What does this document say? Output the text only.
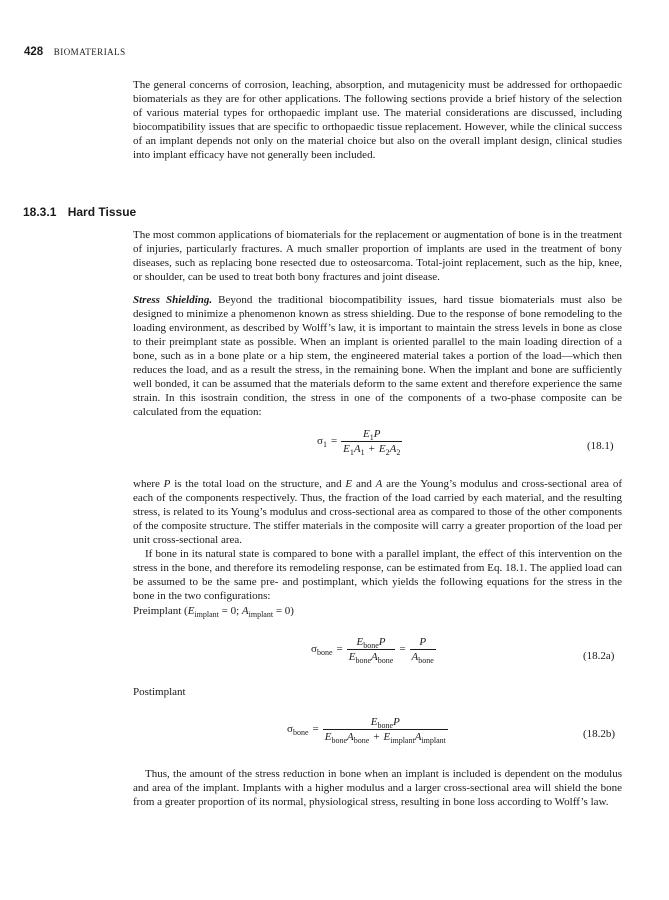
428 BIOMATERIALS

The general concerns of corrosion, leaching, absorption, and mutagenicity must be addressed for orthopaedic biomaterials as they are for other applications. The following sections provide a brief history of the selection of various material types for orthopaedic implant use. The material considerations are discussed, including biocompatibility issues that are specific to orthopaedic tissue replacement. However, while the clinical success of an implant depends not only on the material choice but also on the overall implant design, clinical studies into implant efficacy have not generally been included.

18.3.1 Hard Tissue

The most common applications of biomaterials for the replacement or augmentation of bone is in the treatment of injuries, particularly fractures. A much smaller proportion of implants are used in the treatment of bony diseases, such as replacing bone resected due to osteosarcoma. Total-joint replacement, such as the hip, knee, or shoulder, can be used to treat both bony fractures and joint disease.

Stress Shielding. Beyond the traditional biocompatibility issues, hard tissue biomaterials must also be designed to minimize a phenomenon known as stress shielding. Due to the response of bone remodeling to the loading environment, as described by Wolff’s law, it is important to maintain the stress levels in bone as close to their preimplant state as possible. When an implant is oriented parallel to the main loading direction of a bone, such as in a bone plate or a hip stem, the engineered material takes a portion of the load—which then reduces the load, and as a result the stress, in the remaining bone. When the implant and bone are sufficiently well bonded, it can be assumed that the materials deform to the same extent and therefore experience the same strain. In this isostrain condition, the stress in one of the components of a two-phase composite can be calculated from the equation:

$\sigma_1 = \frac{E_1P}{E_1A_1 + E_2A_2}$	(18.1)

where P is the total load on the structure, and E and A are the Young’s modulus and cross-sectional area of each of the components respectively. Thus, the fraction of the load carried by each material, and the resulting stress, is related to its Young’s modulus and cross-sectional area as compared to those of the other components of the composite structure. The stiffer materials in the composite will carry a greater proportion of the load per unit cross-sectional area.

If bone in its natural state is compared to bone with a parallel implant, the effect of this intervention on the stress in the bone, and therefore its remodeling response, can be estimated from Eq. 18.1. The applied load can be assumed to be the same pre- and postimplant, which yields the following equations for the stress in the bone in the two configurations:

Preimplant ($E_{implant} = 0$; $A_{implant} = 0$)
$\sigma_{bone} = \frac{E_{bone}P}{E_{bone}A_{bone}} = \frac{P}{A_{bone}}$	(18.2a)
Postimplant
$\sigma_{bone} = \frac{E_{bone}P}{E_{bone}A_{bone} + E_{implant}A_{implant}}$	(18.2b)

Thus, the amount of the stress reduction in bone when an implant is included is dependent on the modulus and area of the implant. Implants with a higher modulus and a larger cross-sectional area will shield the bone from a greater proportion of its normal, physiological stress, resulting in bone loss according to Wolff’s law.
